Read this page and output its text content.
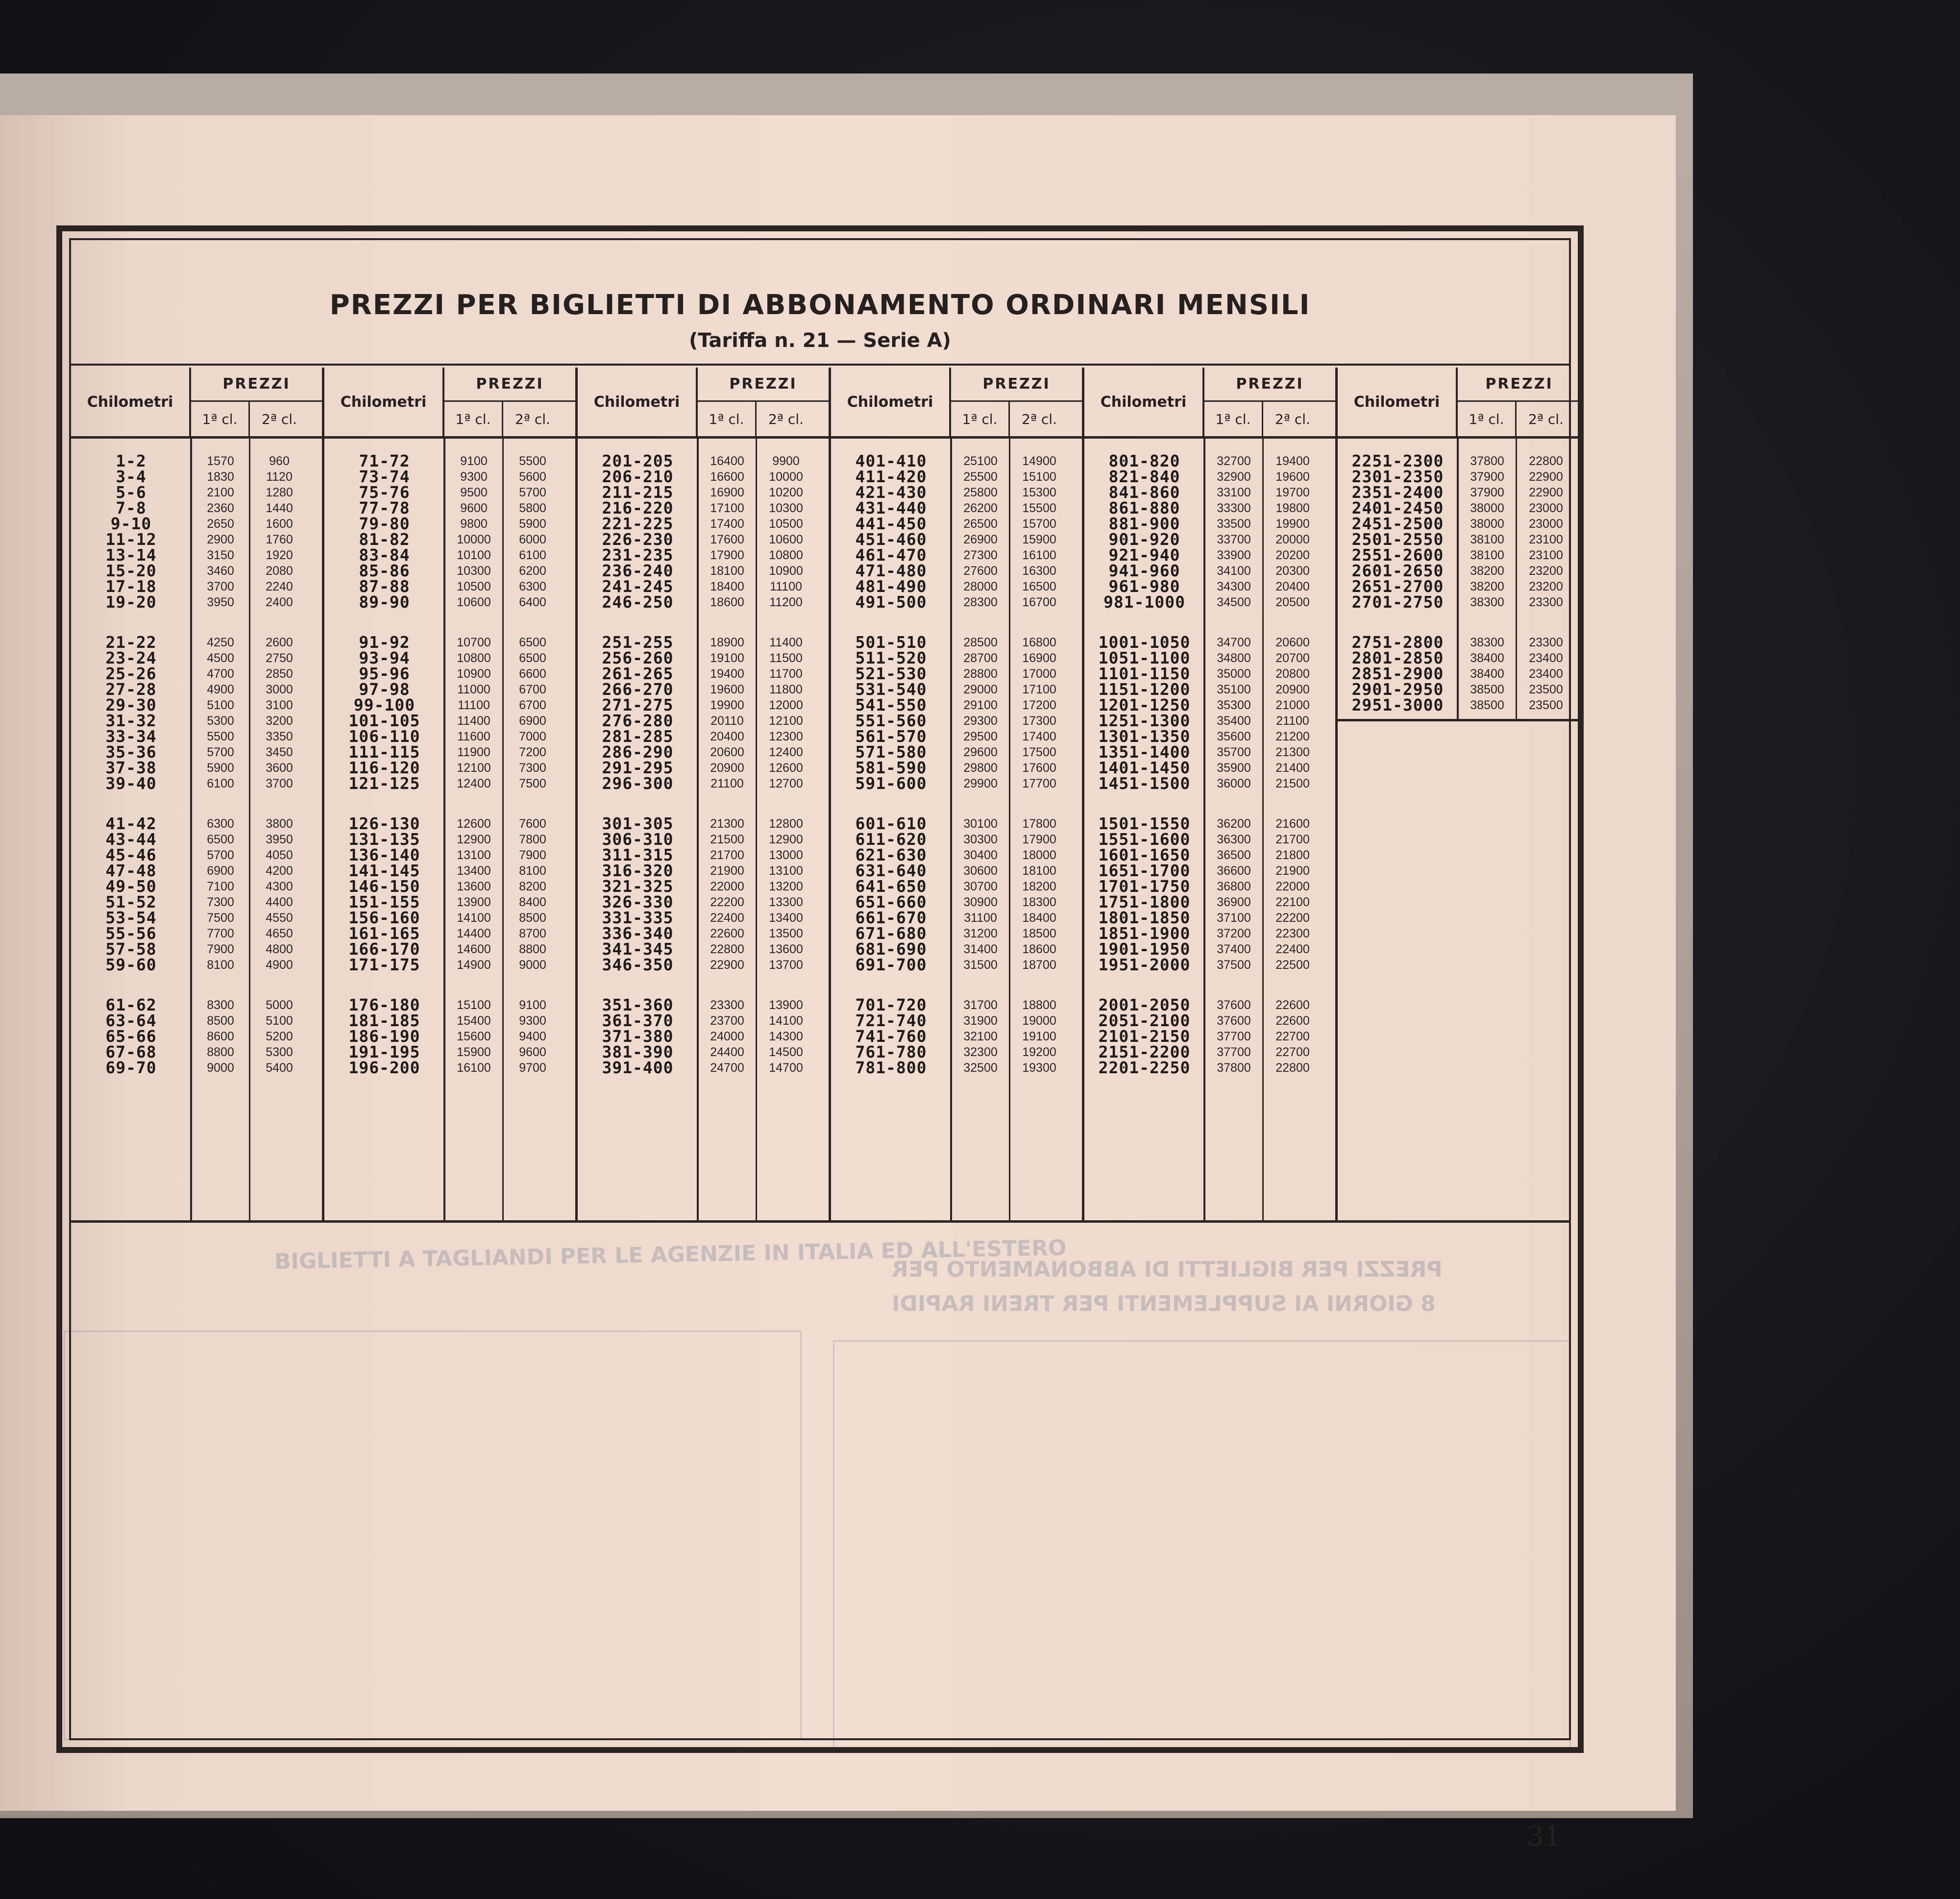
BIGLIETTI A TAGLIANDI PER LE AGENZIE IN ITALIA ED ALL'ESTERO
PREZZI PER BIGLIETTI DI ABBONAMENTO PER
8 GIORNI AI SUPPLEMENTI PER TRENI RAPIDI
PREZZI PER BIGLIETTI DI ABBONAMENTO ORDINARI MENSILI
(Tariffa n. 21 — Serie A)
Chilometri
PREZZI
1ª cl.	2ª cl.
1-2	1570	960
3-4	1830	1120
5-6	2100	1280
7-8	2360	1440
9-10	2650	1600
11-12	2900	1760
13-14	3150	1920
15-20	3460	2080
17-18	3700	2240
19-20	3950	2400
21-22	4250	2600
23-24	4500	2750
25-26	4700	2850
27-28	4900	3000
29-30	5100	3100
31-32	5300	3200
33-34	5500	3350
35-36	5700	3450
37-38	5900	3600
39-40	6100	3700
41-42	6300	3800
43-44	6500	3950
45-46	5700	4050
47-48	6900	4200
49-50	7100	4300
51-52	7300	4400
53-54	7500	4550
55-56	7700	4650
57-58	7900	4800
59-60	8100	4900
61-62	8300	5000
63-64	8500	5100
65-66	8600	5200
67-68	8800	5300
69-70	9000	5400
Chilometri
PREZZI
1ª cl.	2ª cl.
71-72	9100	5500
73-74	9300	5600
75-76	9500	5700
77-78	9600	5800
79-80	9800	5900
81-82	10000	6000
83-84	10100	6100
85-86	10300	6200
87-88	10500	6300
89-90	10600	6400
91-92	10700	6500
93-94	10800	6500
95-96	10900	6600
97-98	11000	6700
99-100	11100	6700
101-105	11400	6900
106-110	11600	7000
111-115	11900	7200
116-120	12100	7300
121-125	12400	7500
126-130	12600	7600
131-135	12900	7800
136-140	13100	7900
141-145	13400	8100
146-150	13600	8200
151-155	13900	8400
156-160	14100	8500
161-165	14400	8700
166-170	14600	8800
171-175	14900	9000
176-180	15100	9100
181-185	15400	9300
186-190	15600	9400
191-195	15900	9600
196-200	16100	9700
Chilometri
PREZZI
1ª cl.	2ª cl.
201-205	16400	9900
206-210	16600	10000
211-215	16900	10200
216-220	17100	10300
221-225	17400	10500
226-230	17600	10600
231-235	17900	10800
236-240	18100	10900
241-245	18400	11100
246-250	18600	11200
251-255	18900	11400
256-260	19100	11500
261-265	19400	11700
266-270	19600	11800
271-275	19900	12000
276-280	20110	12100
281-285	20400	12300
286-290	20600	12400
291-295	20900	12600
296-300	21100	12700
301-305	21300	12800
306-310	21500	12900
311-315	21700	13000
316-320	21900	13100
321-325	22000	13200
326-330	22200	13300
331-335	22400	13400
336-340	22600	13500
341-345	22800	13600
346-350	22900	13700
351-360	23300	13900
361-370	23700	14100
371-380	24000	14300
381-390	24400	14500
391-400	24700	14700
Chilometri
PREZZI
1ª cl.	2ª cl.
401-410	25100	14900
411-420	25500	15100
421-430	25800	15300
431-440	26200	15500
441-450	26500	15700
451-460	26900	15900
461-470	27300	16100
471-480	27600	16300
481-490	28000	16500
491-500	28300	16700
501-510	28500	16800
511-520	28700	16900
521-530	28800	17000
531-540	29000	17100
541-550	29100	17200
551-560	29300	17300
561-570	29500	17400
571-580	29600	17500
581-590	29800	17600
591-600	29900	17700
601-610	30100	17800
611-620	30300	17900
621-630	30400	18000
631-640	30600	18100
641-650	30700	18200
651-660	30900	18300
661-670	31100	18400
671-680	31200	18500
681-690	31400	18600
691-700	31500	18700
701-720	31700	18800
721-740	31900	19000
741-760	32100	19100
761-780	32300	19200
781-800	32500	19300
Chilometri
PREZZI
1ª cl.	2ª cl.
801-820	32700	19400
821-840	32900	19600
841-860	33100	19700
861-880	33300	19800
881-900	33500	19900
901-920	33700	20000
921-940	33900	20200
941-960	34100	20300
961-980	34300	20400
981-1000	34500	20500
1001-1050	34700	20600
1051-1100	34800	20700
1101-1150	35000	20800
1151-1200	35100	20900
1201-1250	35300	21000
1251-1300	35400	21100
1301-1350	35600	21200
1351-1400	35700	21300
1401-1450	35900	21400
1451-1500	36000	21500
1501-1550	36200	21600
1551-1600	36300	21700
1601-1650	36500	21800
1651-1700	36600	21900
1701-1750	36800	22000
1751-1800	36900	22100
1801-1850	37100	22200
1851-1900	37200	22300
1901-1950	37400	22400
1951-2000	37500	22500
2001-2050	37600	22600
2051-2100	37600	22600
2101-2150	37700	22700
2151-2200	37700	22700
2201-2250	37800	22800
Chilometri
PREZZI
1ª cl.	2ª cl.
2251-2300	37800	22800
2301-2350	37900	22900
2351-2400	37900	22900
2401-2450	38000	23000
2451-2500	38000	23000
2501-2550	38100	23100
2551-2600	38100	23100
2601-2650	38200	23200
2651-2700	38200	23200
2701-2750	38300	23300
2751-2800	38300	23300
2801-2850	38400	23400
2851-2900	38400	23400
2901-2950	38500	23500
2951-3000	38500	23500
31
